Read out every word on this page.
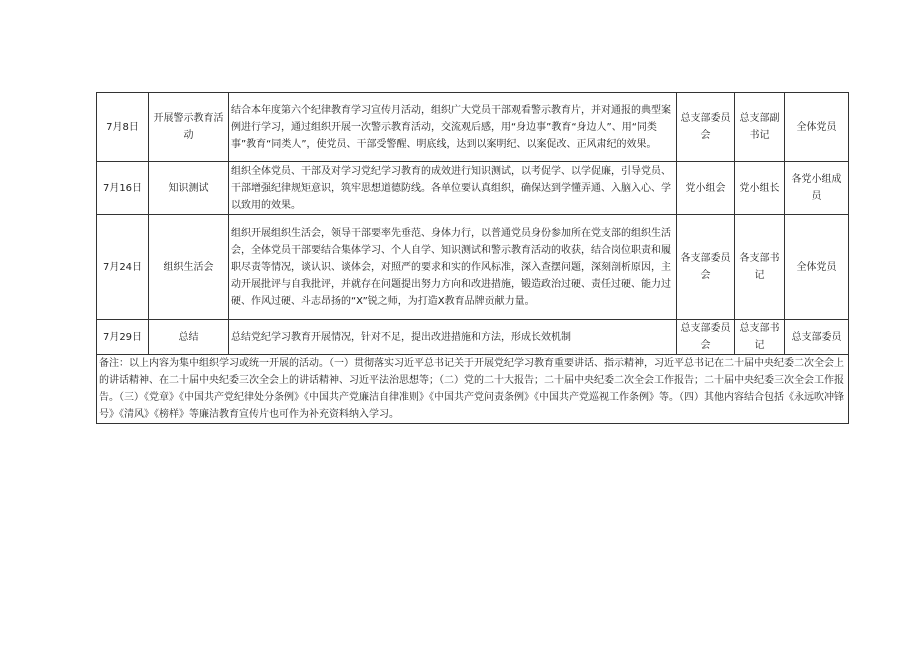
7月8日	开展警示教育活动	结合本年度第六个纪律教育学习宣传月活动，组织广大党员干部观看警示教育片，并对通报的典型案例进行学习，通过组织开展一次警示教育活动，交流观后感，用“身边事”教育“身边人”、用“同类事”教育“同类人”，使党员、干部受警醒、明底线，达到以案明纪、以案促改、正风肃纪的效果。	总支部委员会	总支部副书记	全体党员
7月16日	知识测试	组织全体党员、干部及对学习党纪学习教育的成效进行知识测试，以考促学、以学促廉，引导党员、干部增强纪律规矩意识，筑牢思想道德防线。各单位要认真组织，确保达到学懂弄通、入脑入心、学以致用的效果。	党小组会	党小组长	各党小组成员
7月24日	组织生活会	组织开展组织生活会，领导干部要率先垂范、身体力行，以普通党员身份参加所在党支部的组织生活会，全体党员干部要结合集体学习、个人自学、知识测试和警示教育活动的收获，结合岗位职责和履职尽责等情况，谈认识、谈体会，对照严的要求和实的作风标准，深入查摆问题，深刻剖析原因，主动开展批评与自我批评，并就存在问题提出努力方向和改进措施，锻造政治过硬、责任过硬、能力过硬、作风过硬、斗志昂扬的“X”锐之师，为打造X教育品牌贡献力量。	各支部委员会	各支部书记	全体党员
7月29日	总结	总结党纪学习教育开展情况，针对不足，提出改进措施和方法，形成长效机制	总支部委员会	总支部书记	总支部委员
备注：以上内容为集中组织学习或统一开展的活动。（一）贯彻落实习近平总书记关于开展党纪学习教育重要讲话、指示精神，习近平总书记在二十届中央纪委二次全会上的讲话精神、在二十届中央纪委三次全会上的讲话精神、习近平法治思想等；（二）党的二十大报告；二十届中央纪委二次全会工作报告；二十届中央纪委三次全会工作报告。（三）《党章》《中国共产党纪律处分条例》《中国共产党廉洁自律准则》《中国共产党问责条例》《中国共产党巡视工作条例》等。（四）其他内容结合包括《永远吹冲锋号》《清风》《榜样》等廉洁教育宣传片也可作为补充资料纳入学习。					
